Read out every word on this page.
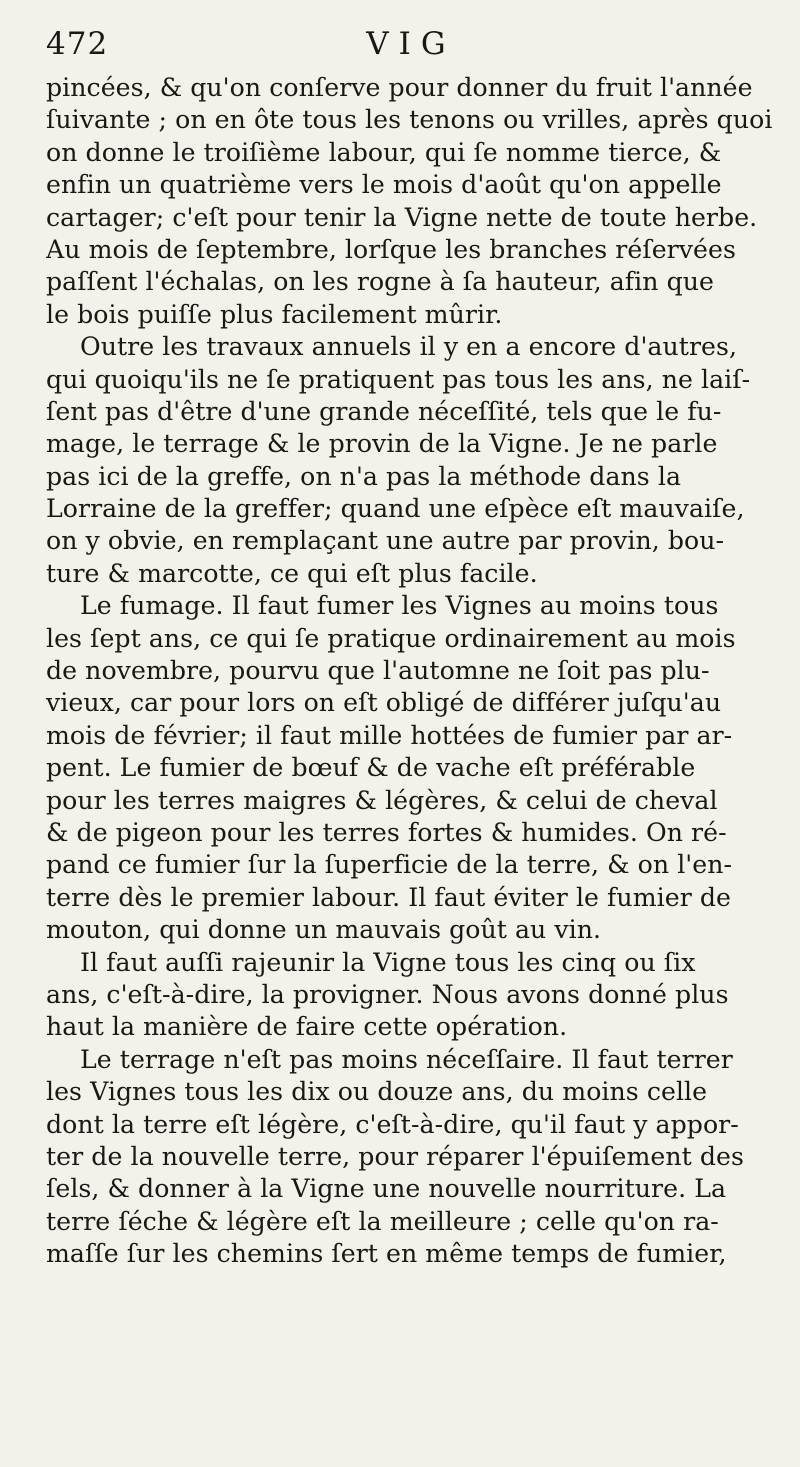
472	VIG
pincées, & qu'on conſerve pour donner du fruit l'année
ſuivante ; on en ôte tous les tenons ou vrilles, après quoi
on donne le troiſième labour, qui ſe nomme tierce, &
enfin un quatrième vers le mois d'août qu'on appelle
cartager; c'eſt pour tenir la Vigne nette de toute herbe.
Au mois de ſeptembre, lorſque les branches réſervées
paſſent l'échalas, on les rogne à ſa hauteur, afin que
le bois puiſſe plus facilement mûrir.
Outre les travaux annuels il y en a encore d'autres,
qui quoiqu'ils ne ſe pratiquent pas tous les ans, ne laiſ-
ſent pas d'être d'une grande néceſſité, tels que le fu-
mage, le terrage & le provin de la Vigne. Je ne parle
pas ici de la greffe, on n'a pas la méthode dans la
Lorraine de la greffer; quand une eſpèce eſt mauvaiſe,
on y obvie, en remplaçant une autre par provin, bou-
ture & marcotte, ce qui eſt plus facile.
Le fumage. Il faut fumer les Vignes au moins tous
les ſept ans, ce qui ſe pratique ordinairement au mois
de novembre, pourvu que l'automne ne ſoit pas plu-
vieux, car pour lors on eſt obligé de différer juſqu'au
mois de février; il faut mille hottées de fumier par ar-
pent. Le fumier de bœuf & de vache eſt préférable
pour les terres maigres & légères, & celui de cheval
& de pigeon pour les terres fortes & humides. On ré-
pand ce fumier ſur la ſuperficie de la terre, & on l'en-
terre dès le premier labour. Il faut éviter le fumier de
mouton, qui donne un mauvais goût au vin.
Il faut auſſi rajeunir la Vigne tous les cinq ou ſix
ans, c'eſt-à-dire, la provigner. Nous avons donné plus
haut la manière de faire cette opération.
Le terrage n'eſt pas moins néceſſaire. Il faut terrer
les Vignes tous les dix ou douze ans, du moins celle
dont la terre eſt légère, c'eſt-à-dire, qu'il faut y appor-
ter de la nouvelle terre, pour réparer l'épuiſement des
ſels, & donner à la Vigne une nouvelle nourriture. La
terre ſéche & légère eſt la meilleure ; celle qu'on ra-
maſſe ſur les chemins ſert en même temps de fumier,
